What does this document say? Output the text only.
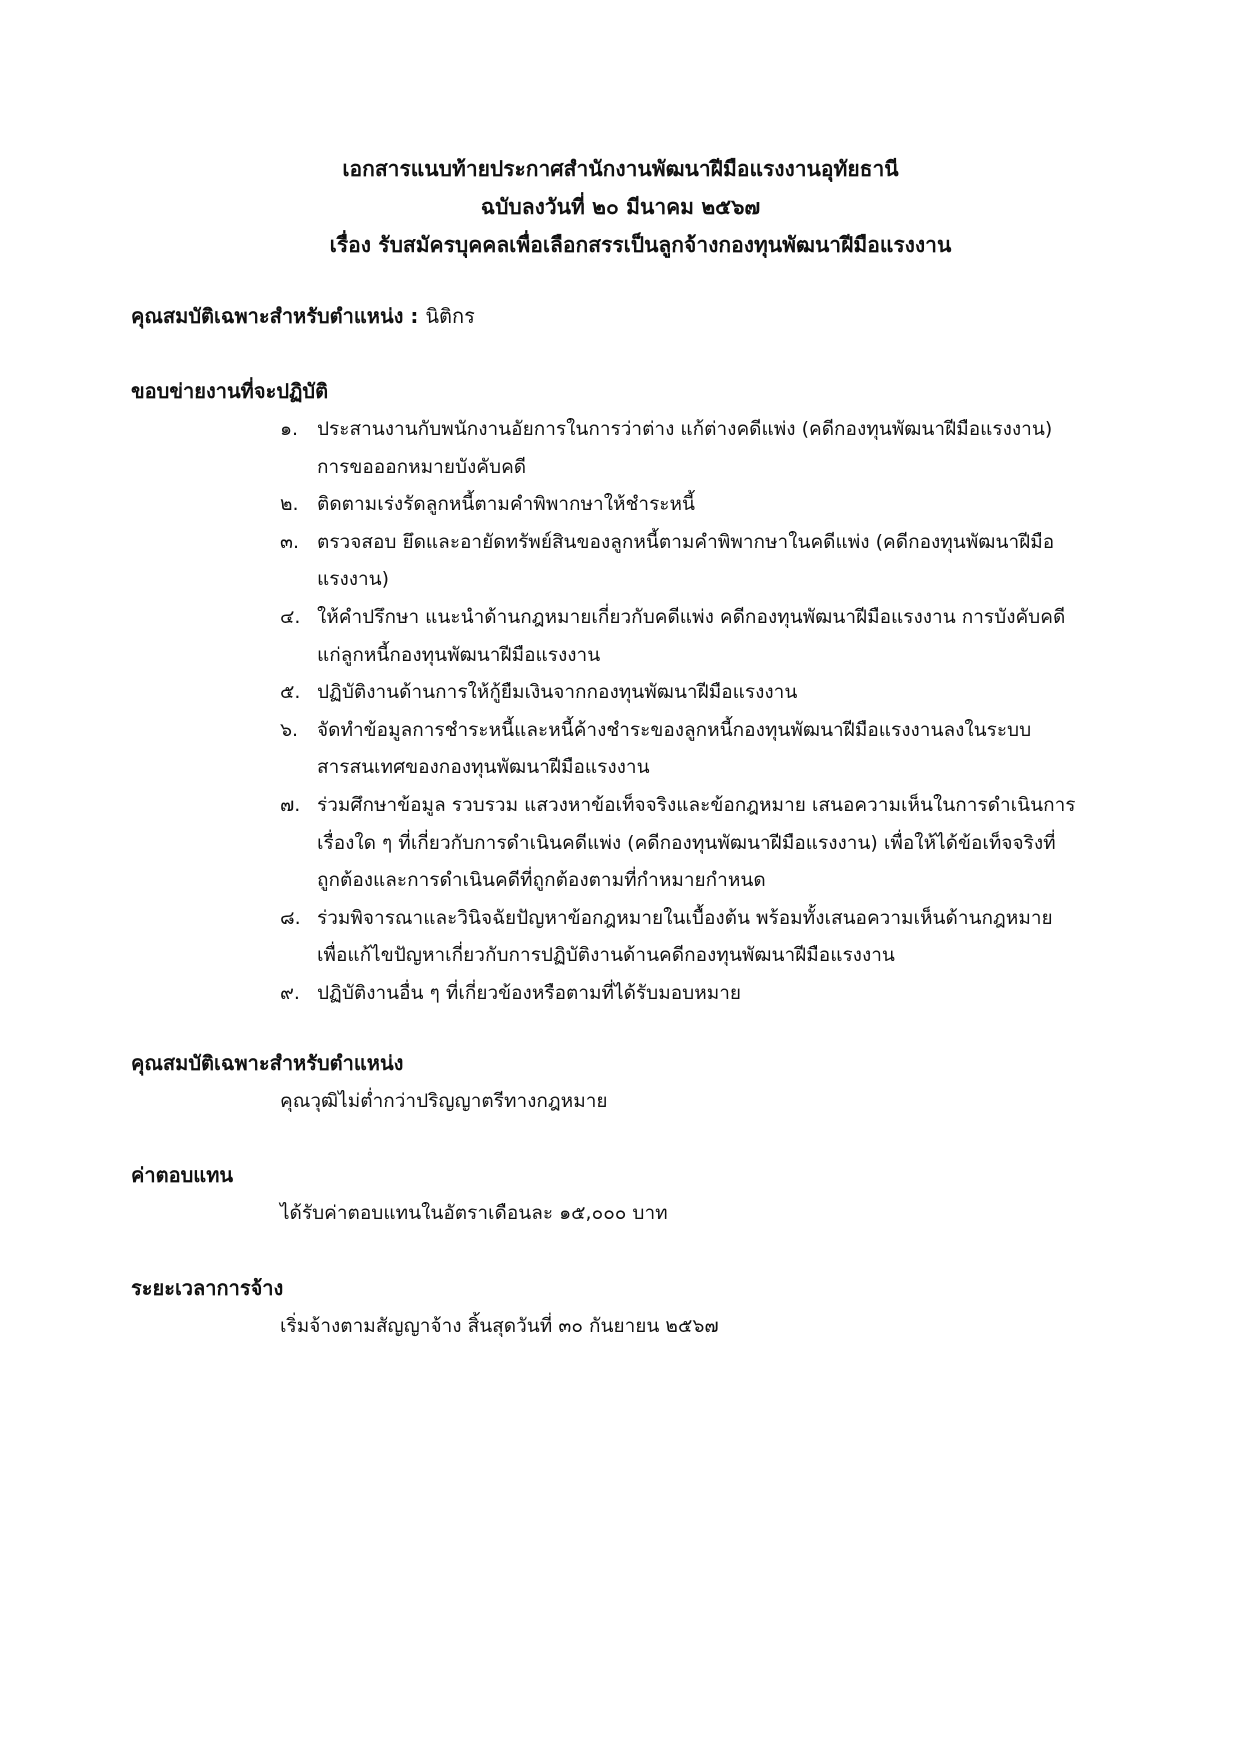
เอกสารแนบท้ายประกาศสำนักงานพัฒนาฝีมือแรงงานอุทัยธานี
ฉบับลงวันที่ ๒๐ มีนาคม ๒๕๖๗
เรื่อง รับสมัครบุคคลเพื่อเลือกสรรเป็นลูกจ้างกองทุนพัฒนาฝีมือแรงงาน
คุณสมบัติเฉพาะสำหรับตำแหน่ง : นิติกร
ขอบข่ายงานที่จะปฏิบัติ
๑. ประสานงานกับพนักงานอัยการในการว่าต่าง แก้ต่างคดีแพ่ง (คดีกองทุนพัฒนาฝีมือแรงงาน)
การขอออกหมายบังคับคดี
๒. ติดตามเร่งรัดลูกหนี้ตามคำพิพากษาให้ชำระหนี้
๓. ตรวจสอบ ยึดและอายัดทรัพย์สินของลูกหนี้ตามคำพิพากษาในคดีแพ่ง (คดีกองทุนพัฒนาฝีมือ
แรงงาน)
๔. ให้คำปรึกษา แนะนำด้านกฎหมายเกี่ยวกับคดีแพ่ง คดีกองทุนพัฒนาฝีมือแรงงาน การบังคับคดี
แก่ลูกหนี้กองทุนพัฒนาฝีมือแรงงาน
๕. ปฏิบัติงานด้านการให้กู้ยืมเงินจากกองทุนพัฒนาฝีมือแรงงาน
๖. จัดทำข้อมูลการชำระหนี้และหนี้ค้างชำระของลูกหนี้กองทุนพัฒนาฝีมือแรงงานลงในระบบ
สารสนเทศของกองทุนพัฒนาฝีมือแรงงาน
๗. ร่วมศึกษาข้อมูล รวบรวม แสวงหาข้อเท็จจริงและข้อกฎหมาย เสนอความเห็นในการดำเนินการ
เรื่องใด ๆ ที่เกี่ยวกับการดำเนินคดีแพ่ง (คดีกองทุนพัฒนาฝีมือแรงงาน) เพื่อให้ได้ข้อเท็จจริงที่
ถูกต้องและการดำเนินคดีที่ถูกต้องตามที่กำหมายกำหนด
๘. ร่วมพิจารณาและวินิจฉัยปัญหาข้อกฎหมายในเบื้องต้น พร้อมทั้งเสนอความเห็นด้านกฎหมาย
เพื่อแก้ไขปัญหาเกี่ยวกับการปฏิบัติงานด้านคดีกองทุนพัฒนาฝีมือแรงงาน
๙. ปฏิบัติงานอื่น ๆ ที่เกี่ยวข้องหรือตามที่ได้รับมอบหมาย
คุณสมบัติเฉพาะสำหรับตำแหน่ง
คุณวุฒิไม่ต่ำกว่าปริญญาตรีทางกฎหมาย
ค่าตอบแทน
ได้รับค่าตอบแทนในอัตราเดือนละ ๑๕,๐๐๐ บาท
ระยะเวลาการจ้าง
เริ่มจ้างตามสัญญาจ้าง สิ้นสุดวันที่ ๓๐ กันยายน ๒๕๖๗
